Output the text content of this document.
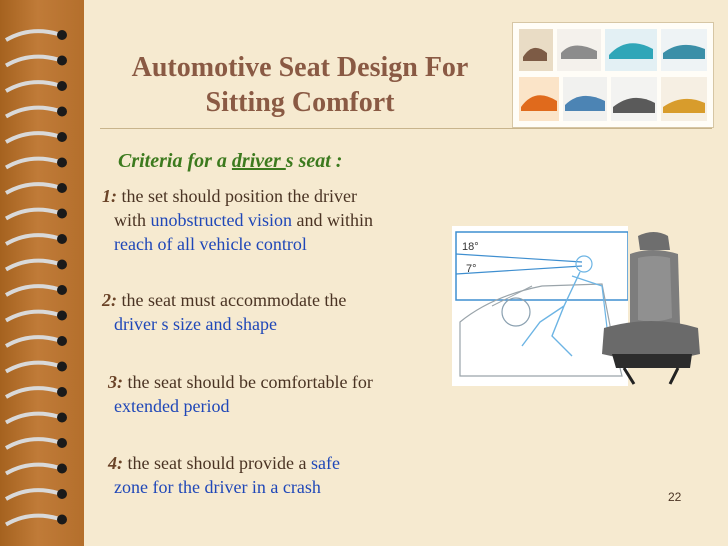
Automotive Seat Design For
Sitting Comfort
Criteria for a driver s seat :
1: the set should position the driver
with unobstructed vision and within
reach of all vehicle control
2: the seat must accommodate the
driver s size and shape
3: the seat should be comfortable for
extended period
4: the seat should provide a safe
zone for the driver in a crash
18°
7°
22
